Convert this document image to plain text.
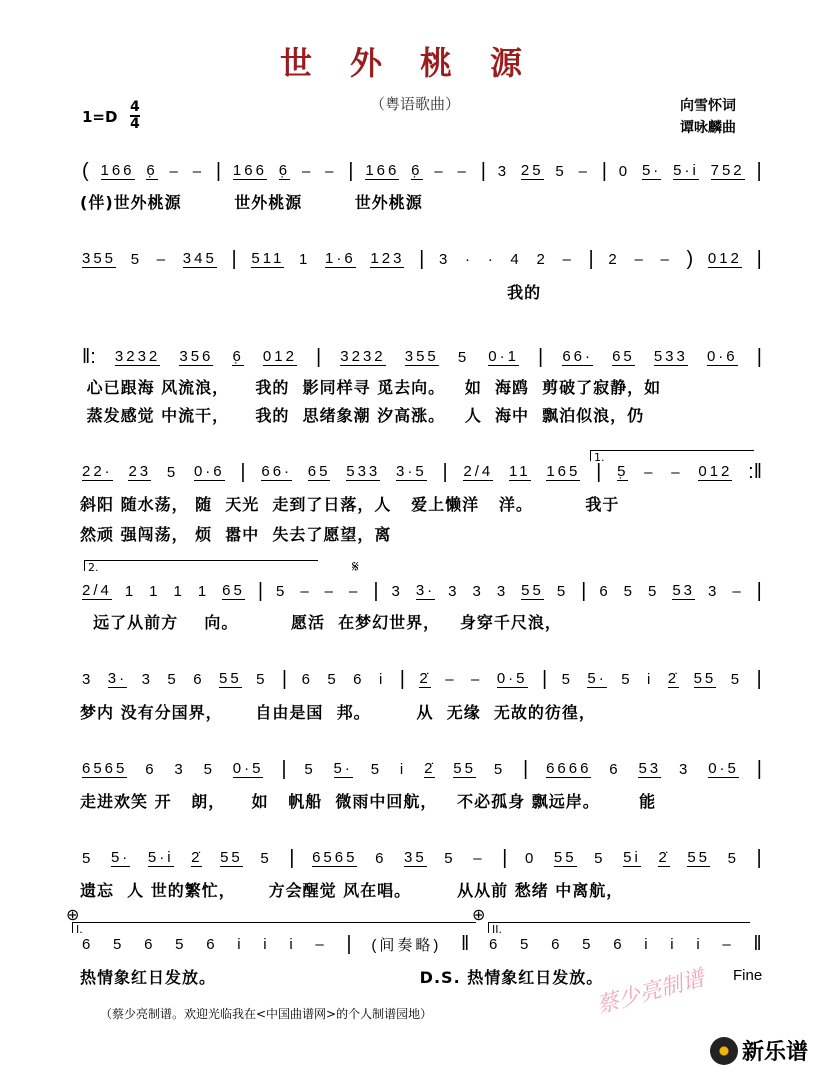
世外桃源
（粤语歌曲）
1=D
4
4
向雪怀词
谭咏麟曲
( 166 6̣ – – | 166 6̣ – – | 166 6̣ – – | 3 25 5 – | 0 5· 5·i 752 |
(伴)世外桃源        世外桃源        世外桃源
355 5 – 345 | 511 1 1·6 123 | 3 · · 4 2 – | 2 – – ) 012 |
我的
‖: 3232 356 6̣ 012 | 3232 355 5 0·1 | 66· 65 533 0·6 |
心已跟海 风流浪，    我的  影同样寻 觅去向。   如  海鸥  剪破了寂静，如
蒸发感觉 中流干，    我的  思绪象潮 汐高涨。   人  海中  飘泊似浪，仍
22· 23 5 0·6 | 66· 65 533 3·5 | 2/4 11 165 | 5̣ – – 012 :‖
斜阳 随水荡， 随  天光  走到了日落，人   爱上懒洋   洋。        我于
然顽 强闯荡， 烦  嚣中  失去了愿望，离
2/4 1 1 1 1 65 | 5 – – – | 3 3· 3 3 3 55 5 | 6 5 5 53 3 – |
远了从前方    向。        愿活  在梦幻世界，   身穿千尺浪，
3 3· 3 5 6 55 5 | 6 5 6 i | 2̇ – – 0·5 | 5 5· 5 i 2̇ 55 5 |
梦内 没有分国界，     自由是国  邦。       从  无缘  无故的彷徨，
6565 6 3 5 0·5 | 5 5· 5 i 2̇ 55 5 | 6666 6 53 3 0·5 |
走进欢笑 开   朗，    如   帆船  微雨中回航，   不必孤身 飘远岸。      能
5 5· 5·i 2̇ 55 5 | 6565 6 35 5 – | 0 55 5 5i 2̇ 55 5 |
遗忘  人 世的繁忙，     方会醒觉 风在唱。       从从前 愁绪 中离航，
6 5 6 5 6 i i i – | (间奏略) ‖ 6 5 6 5 6 i i i – ‖
热情象红日发放。                               D.S. 热情象红日发放。
1.
2.	𝄋
⊕	⊕
I.	II.
Fine
蔡少亮制谱
（蔡少亮制谱。欢迎光临我在<中国曲谱网>的个人制谱园地）
新乐谱
